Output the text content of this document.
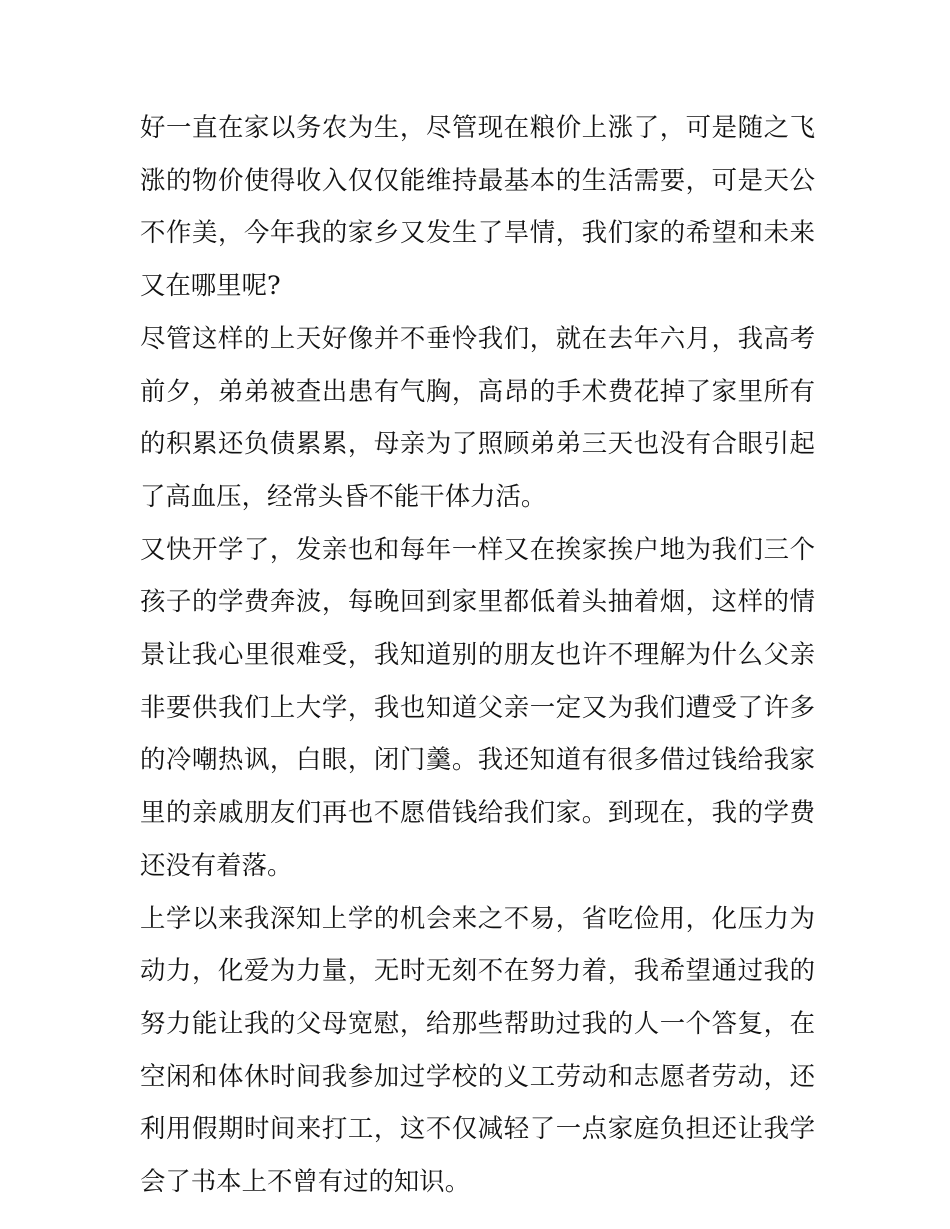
好一直在家以务农为生，尽管现在粮价上涨了，可是随之飞涨的物价使得收入仅仅能维持最基本的生活需要，可是天公不作美，今年我的家乡又发生了旱情，我们家的希望和未来又在哪里呢?

尽管这样的上天好像并不垂怜我们，就在去年六月，我高考前夕，弟弟被查出患有气胸，高昂的手术费花掉了家里所有的积累还负债累累，母亲为了照顾弟弟三天也没有合眼引起了高血压，经常头昏不能干体力活。

又快开学了，发亲也和每年一样又在挨家挨户地为我们三个孩子的学费奔波，每晚回到家里都低着头抽着烟，这样的情景让我心里很难受，我知道别的朋友也许不理解为什么父亲非要供我们上大学，我也知道父亲一定又为我们遭受了许多的冷嘲热讽，白眼，闭门羹。我还知道有很多借过钱给我家里的亲戚朋友们再也不愿借钱给我们家。到现在，我的学费还没有着落。

上学以来我深知上学的机会来之不易，省吃俭用，化压力为动力，化爱为力量，无时无刻不在努力着，我希望通过我的努力能让我的父母宽慰，给那些帮助过我的人一个答复，在空闲和体休时间我参加过学校的义工劳动和志愿者劳动，还利用假期时间来打工，这不仅减轻了一点家庭负担还让我学会了书本上不曾有过的知识。
